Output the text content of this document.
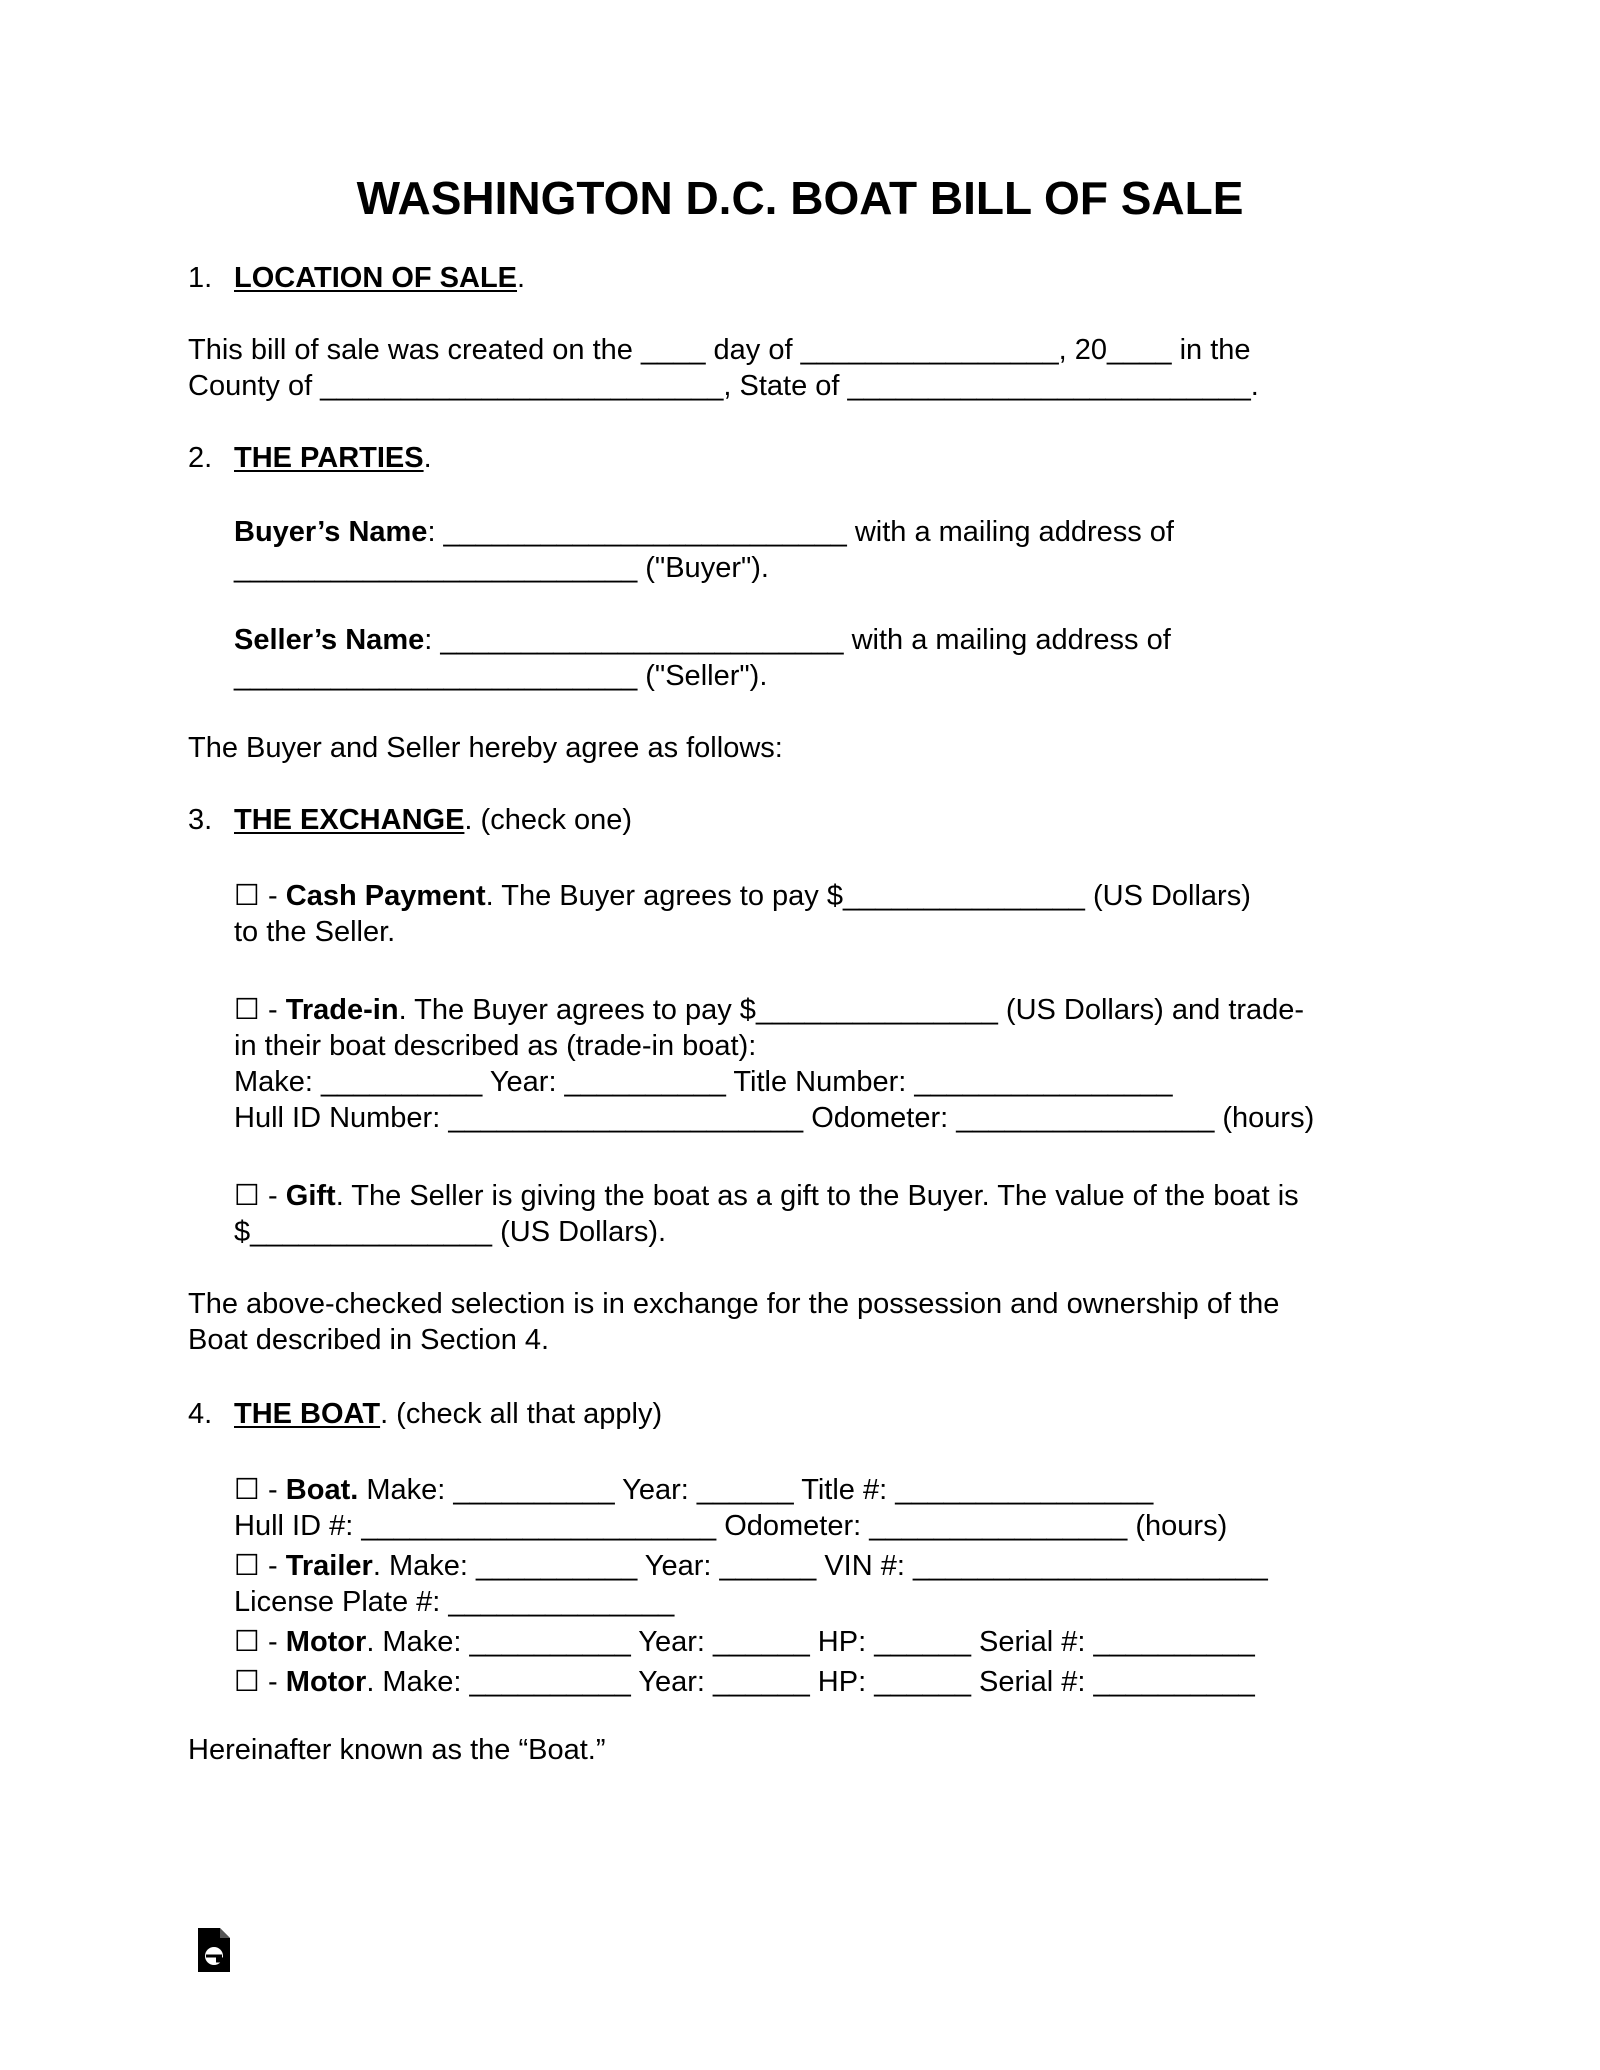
WASHINGTON D.C. BOAT BILL OF SALE
1. LOCATION OF SALE.
This bill of sale was created on the ____ day of ________________, 20____ in the
County of _________________________, State of _________________________.
2. THE PARTIES.
Buyer’s Name: _________________________ with a mailing address of
_________________________ ("Buyer").
Seller’s Name: _________________________ with a mailing address of
_________________________ ("Seller").
The Buyer and Seller hereby agree as follows:
3. THE EXCHANGE. (check one)
☐ - Cash Payment. The Buyer agrees to pay $_______________ (US Dollars)
to the Seller.
☐ - Trade-in. The Buyer agrees to pay $_______________ (US Dollars) and trade-
in their boat described as (trade-in boat):
Make: __________ Year: __________ Title Number: ________________
Hull ID Number: ______________________ Odometer: ________________ (hours)
☐ - Gift. The Seller is giving the boat as a gift to the Buyer. The value of the boat is
$_______________ (US Dollars).
The above-checked selection is in exchange for the possession and ownership of the
Boat described in Section 4.
4. THE BOAT. (check all that apply)
☐ - Boat. Make: __________ Year: ______ Title #: ________________
Hull ID #: ______________________ Odometer: ________________ (hours)
☐ - Trailer. Make: __________ Year: ______ VIN #: ______________________
License Plate #: ______________
☐ - Motor. Make: __________ Year: ______ HP: ______ Serial #: __________
☐ - Motor. Make: __________ Year: ______ HP: ______ Serial #: __________
Hereinafter known as the “Boat.”
